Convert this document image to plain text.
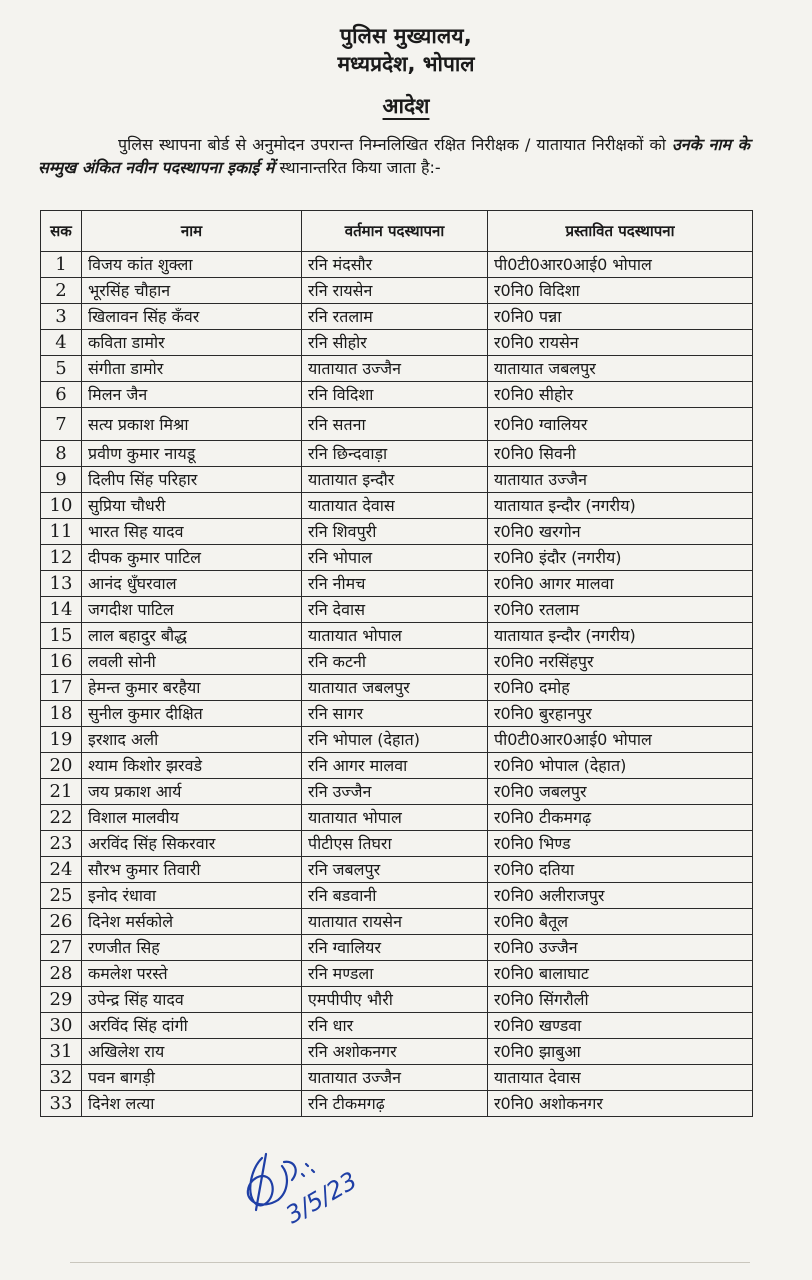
पुलिस मुख्यालय,
मध्यप्रदेश, भोपाल
आदेश
पुलिस स्थापना बोर्ड से अनुमोदन उपरान्त निम्नलिखित रक्षित निरीक्षक / यातायात निरीक्षकों को उनके नाम के सम्मुख अंकित नवीन पदस्थापना इकाई में स्थानान्तरित किया जाता है:-
सक	नाम	वर्तमान पदस्थापना	प्रस्तावित पदस्थापना
1	विजय कांत शुक्ला	रनि मंदसौर	पी0टी0आर0आई0 भोपाल
2	भूरसिंह चौहान	रनि रायसेन	र0नि0 विदिशा
3	खिलावन सिंह कँवर	रनि रतलाम	र0नि0 पन्ना
4	कविता डामोर	रनि सीहोर	र0नि0 रायसेन
5	संगीता डामोर	यातायात उज्जैन	यातायात जबलपुर
6	मिलन जैन	रनि विदिशा	र0नि0 सीहोर
7	सत्य प्रकाश मिश्रा	रनि सतना	र0नि0 ग्वालियर
8	प्रवीण कुमार नायडू	रनि छिन्दवाड़ा	र0नि0 सिवनी
9	दिलीप सिंह परिहार	यातायात इन्दौर	यातायात उज्जैन
10	सुप्रिया चौधरी	यातायात देवास	यातायात इन्दौर (नगरीय)
11	भारत सिह यादव	रनि शिवपुरी	र0नि0 खरगोन
12	दीपक कुमार पाटिल	रनि भोपाल	र0नि0 इंदौर (नगरीय)
13	आनंद धुँघरवाल	रनि नीमच	र0नि0 आगर मालवा
14	जगदीश पाटिल	रनि देवास	र0नि0 रतलाम
15	लाल बहादुर बौद्ध	यातायात भोपाल	यातायात इन्दौर (नगरीय)
16	लवली सोनी	रनि कटनी	र0नि0 नरसिंहपुर
17	हेमन्त कुमार बरहैया	यातायात जबलपुर	र0नि0 दमोह
18	सुनील कुमार दीक्षित	रनि सागर	र0नि0 बुरहानपुर
19	इरशाद अली	रनि भोपाल (देहात)	पी0टी0आर0आई0 भोपाल
20	श्याम किशोर झरवडे	रनि आगर मालवा	र0नि0 भोपाल (देहात)
21	जय प्रकाश आर्य	रनि उज्जैन	र0नि0 जबलपुर
22	विशाल मालवीय	यातायात भोपाल	र0नि0 टीकमगढ़
23	अरविंद सिंह सिकरवार	पीटीएस तिघरा	र0नि0 भिण्ड
24	सौरभ कुमार तिवारी	रनि जबलपुर	र0नि0 दतिया
25	इनोद रंधावा	रनि बडवानी	र0नि0 अलीराजपुर
26	दिनेश मर्सकोले	यातायात रायसेन	र0नि0 बैतूल
27	रणजीत सिह	रनि ग्वालियर	र0नि0 उज्जैन
28	कमलेश परस्ते	रनि मण्डला	र0नि0 बालाघाट
29	उपेन्द्र सिंह यादव	एमपीपीए भौरी	र0नि0 सिंगरौली
30	अरविंद सिंह दांगी	रनि धार	र0नि0 खण्डवा
31	अखिलेश राय	रनि अशोकनगर	र0नि0 झाबुआ
32	पवन बागड़ी	यातायात उज्जैन	यातायात देवास
33	दिनेश लत्या	रनि टीकमगढ़	र0नि0 अशोकनगर
3/5/23
